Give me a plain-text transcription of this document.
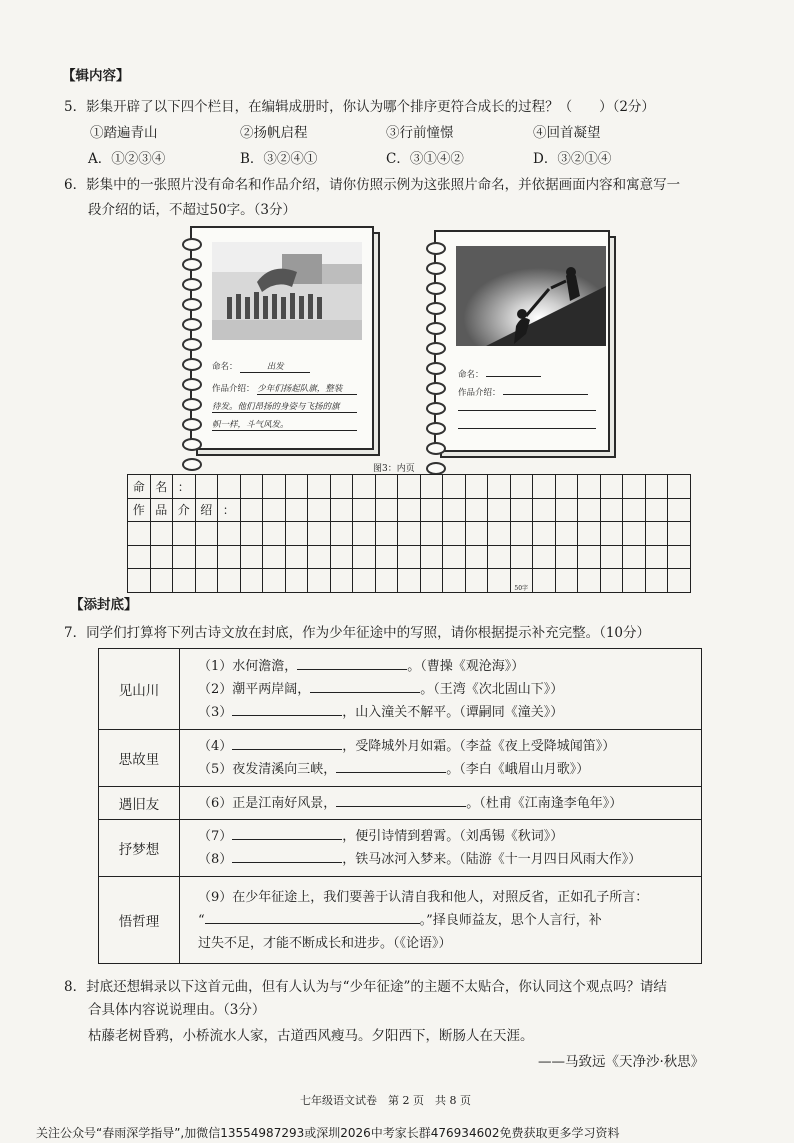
【辑内容】
5．影集开辟了以下四个栏目，在编辑成册时，你认为哪个排序更符合成长的过程？（　　）（2分）
①踏遍青山	②扬帆启程	③行前憧憬	④回首凝望
A．①②③④	B．③②④①	C．③①④②	D．③②①④
6．影集中的一张照片没有命名和作品介绍，请你仿照示例为这张照片命名，并依据画面内容和寓意写一
段介绍的话，不超过50字。（3分）
命名：	出发
作品介绍： 少年们扬起队旗，整装
待发。他们昂扬的身姿与飞扬的旗
帜一样，斗气风发。
命名：
作品介绍：
图3：内页
命	名	：																						
作	品	介	绍	：																				

																	50字							
【添封底】
7．同学们打算将下列古诗文放在封底，作为少年征途中的写照，请你根据提示补充完整。（10分）
见山川	（1）水何澹澹， 。（曹操《观沧海》）
（2）潮平两岸阔， 。（王湾《次北固山下》）
（3） ，山入潼关不解平。（谭嗣同《潼关》）

思故里	（4） ，受降城外月如霜。（李益《夜上受降城闻笛》）
（5）夜发清溪向三峡， 。（李白《峨眉山月歌》）

遇旧友	（6）正是江南好风景， 。（杜甫《江南逢李龟年》）

抒梦想	（7） ，便引诗情到碧霄。（刘禹锡《秋词》）
（8） ，铁马冰河入梦来。（陆游《十一月四日风雨大作》）

悟哲理	（9）在少年征途上，我们要善于认清自我和他人，对照反省，正如孔子所言：
“ 。”择良师益友，思个人言行，补
过失不足，才能不断成长和进步。（《论语》）
8．封底还想辑录以下这首元曲，但有人认为与“少年征途”的主题不太贴合，你认同这个观点吗？请结
合具体内容说说理由。（3分）
枯藤老树昏鸦，小桥流水人家，古道西风瘦马。夕阳西下，断肠人在天涯。
——马致远《天净沙·秋思》
七年级语文试卷　第 2 页　共 8 页
关注公众号“春雨深学指导”,加微信13554987293或深圳2026中考家长群476934602免费获取更多学习资料
